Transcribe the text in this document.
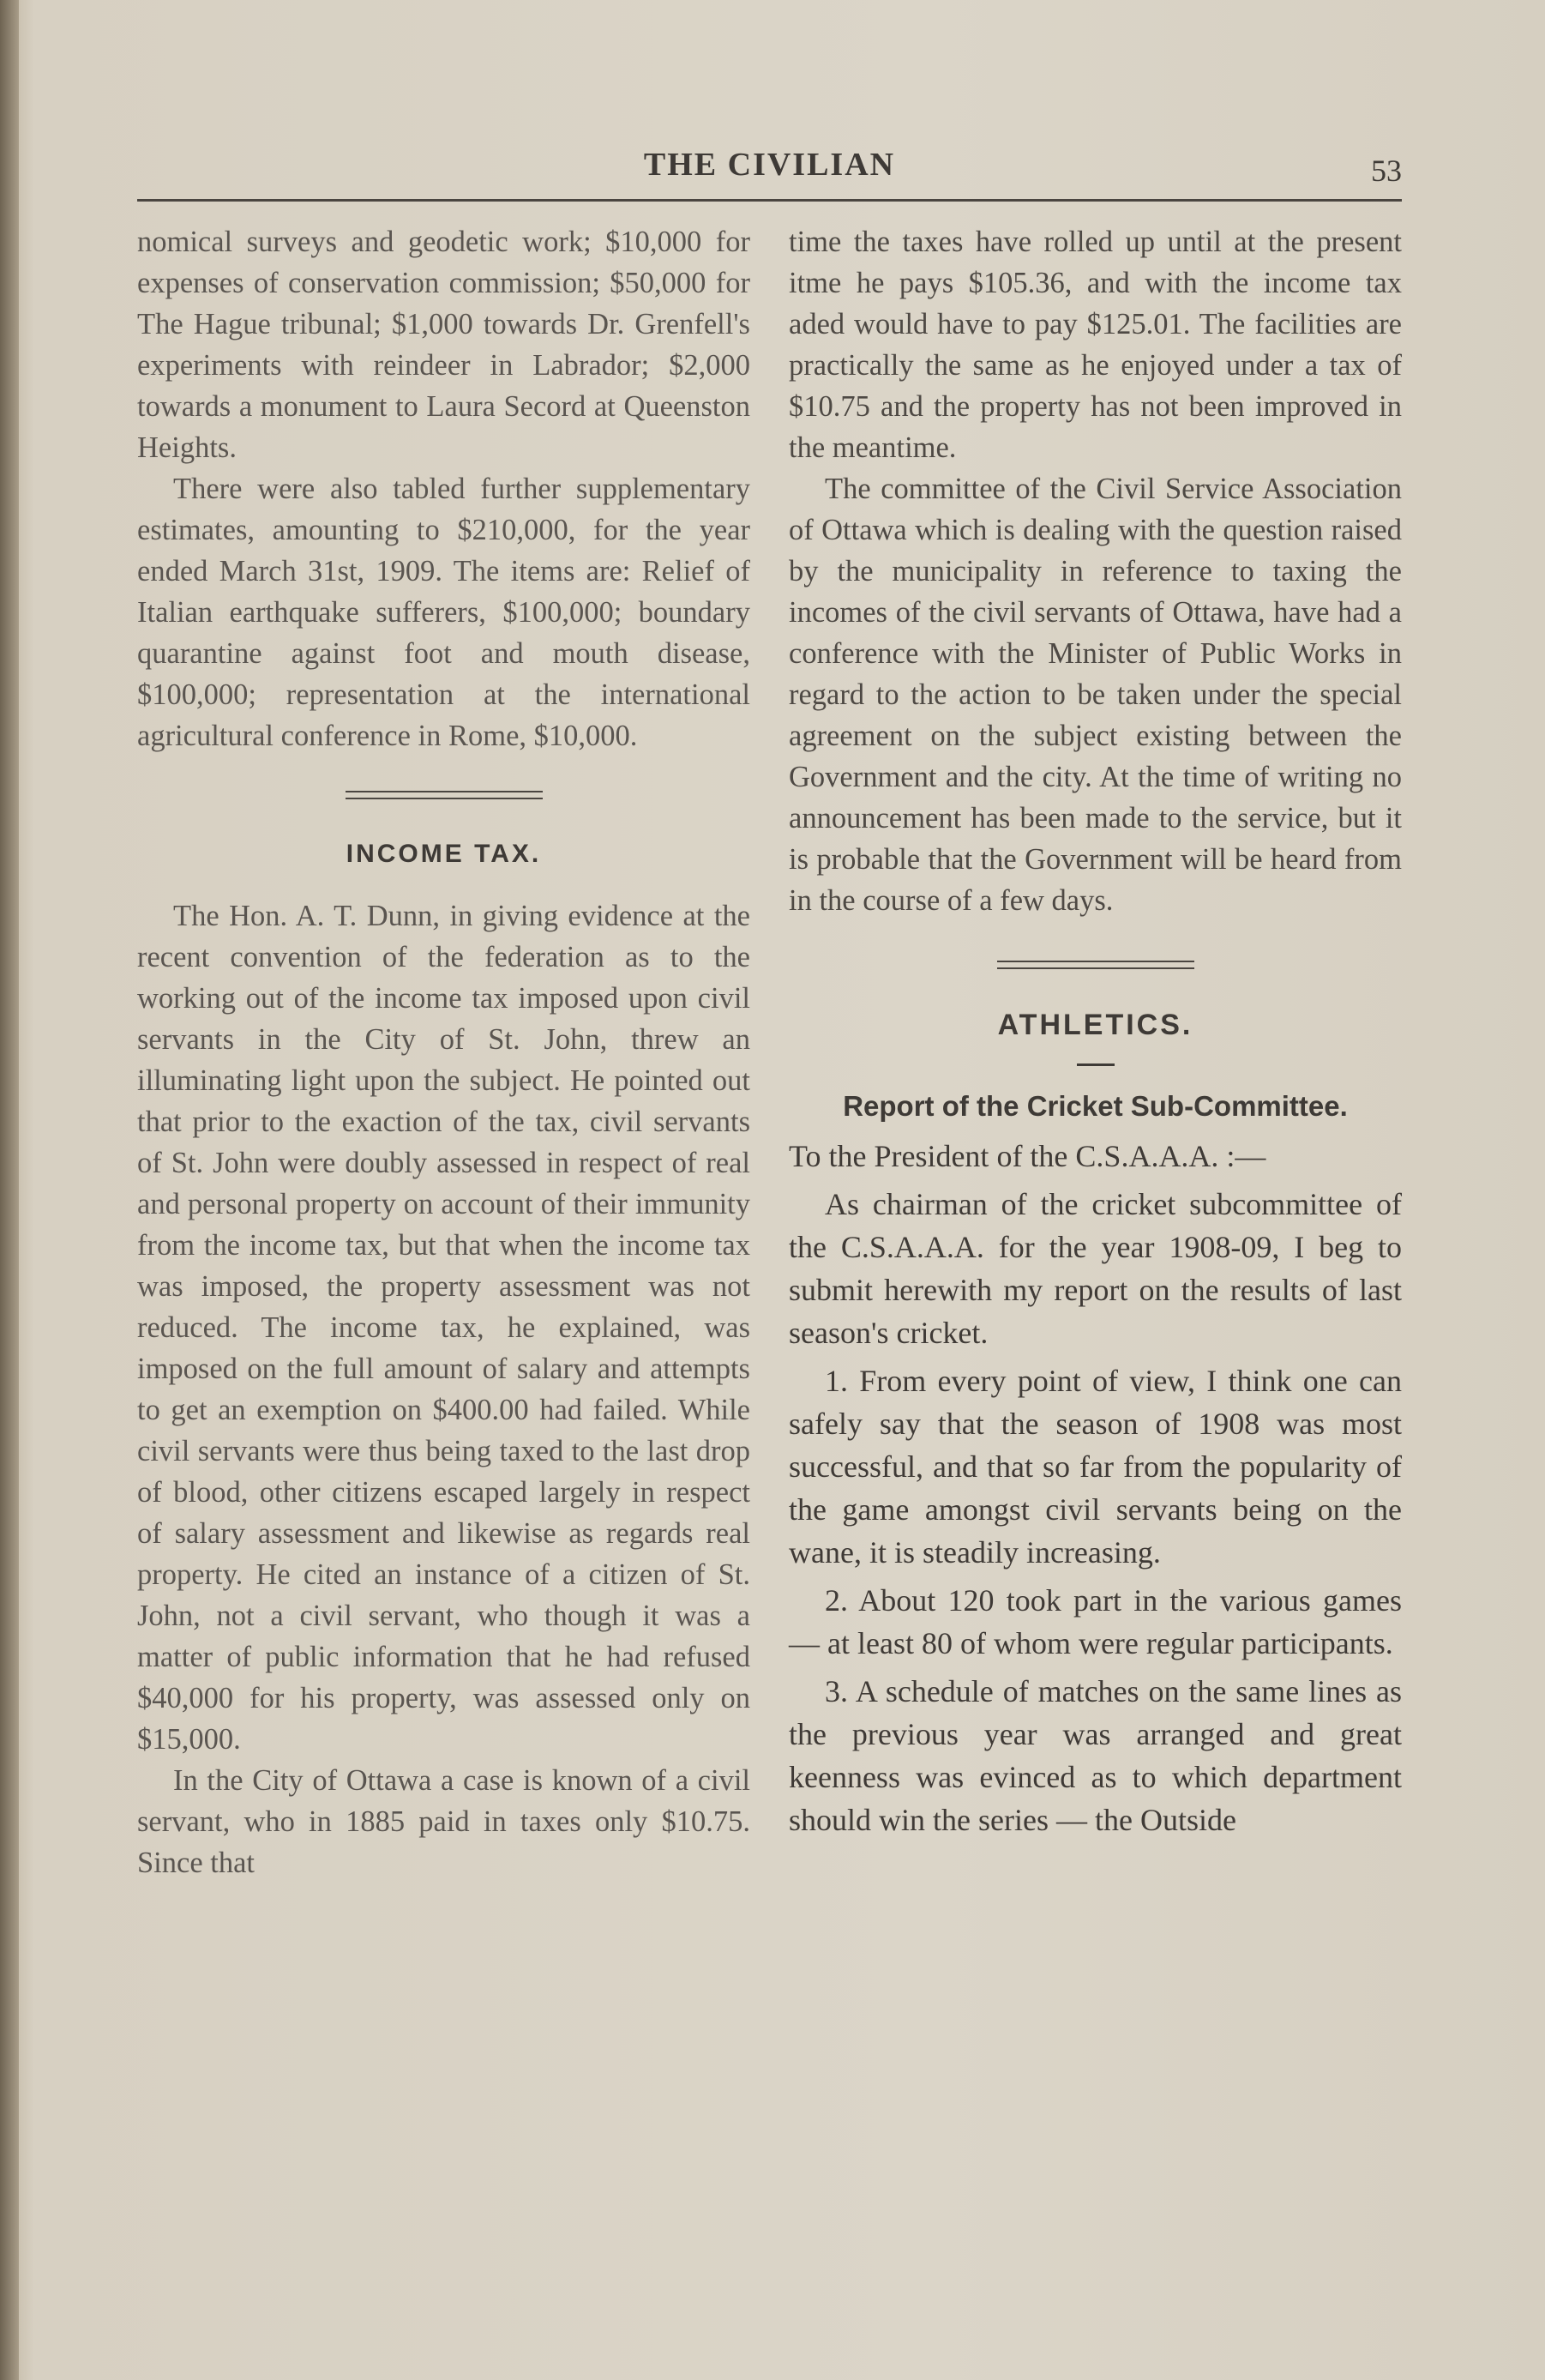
THE CIVILIAN	53

nomical surveys and geodetic work; $10,000 for expenses of conservation commission; $50,000 for The Hague tribunal; $1,000 towards Dr. Grenfell's experiments with reindeer in Labrador; $2,000 towards a monument to Laura Secord at Queenston Heights.

There were also tabled further supplementary estimates, amounting to $210,000, for the year ended March 31st, 1909. The items are: Relief of Italian earthquake sufferers, $100,000; boundary quarantine against foot and mouth disease, $100,000; representation at the international agricultural conference in Rome, $10,000.

INCOME TAX.

The Hon. A. T. Dunn, in giving evidence at the recent convention of the federation as to the working out of the income tax imposed upon civil servants in the City of St. John, threw an illuminating light upon the subject. He pointed out that prior to the exaction of the tax, civil servants of St. John were doubly assessed in respect of real and personal property on account of their immunity from the income tax, but that when the income tax was imposed, the property assessment was not reduced. The income tax, he explained, was imposed on the full amount of salary and attempts to get an exemption on $400.00 had failed. While civil servants were thus being taxed to the last drop of blood, other citizens escaped largely in respect of salary assessment and likewise as regards real property. He cited an instance of a citizen of St. John, not a civil servant, who though it was a matter of public information that he had refused $40,000 for his property, was assessed only on $15,000.

In the City of Ottawa a case is known of a civil servant, who in 1885 paid in taxes only $10.75. Since that

time the taxes have rolled up until at the present itme he pays $105.36, and with the income tax aded would have to pay $125.01. The facilities are practically the same as he enjoyed under a tax of $10.75 and the property has not been improved in the meantime.

The committee of the Civil Service Association of Ottawa which is dealing with the question raised by the municipality in reference to taxing the incomes of the civil servants of Ottawa, have had a conference with the Minister of Public Works in regard to the action to be taken under the special agreement on the subject existing between the Government and the city. At the time of writing no announcement has been made to the service, but it is probable that the Government will be heard from in the course of a few days.

ATHLETICS.
Report of the Cricket Sub-Committee.

To the President of the C.S.A.A.A. :—

As chairman of the cricket subcommittee of the C.S.A.A.A. for the year 1908-09, I beg to submit herewith my report on the results of last season's cricket.

1. From every point of view, I think one can safely say that the season of 1908 was most successful, and that so far from the popularity of the game amongst civil servants being on the wane, it is steadily increasing.

2. About 120 took part in the various games — at least 80 of whom were regular participants.

3. A schedule of matches on the same lines as the previous year was arranged and great keenness was evinced as to which department should win the series — the Outside
